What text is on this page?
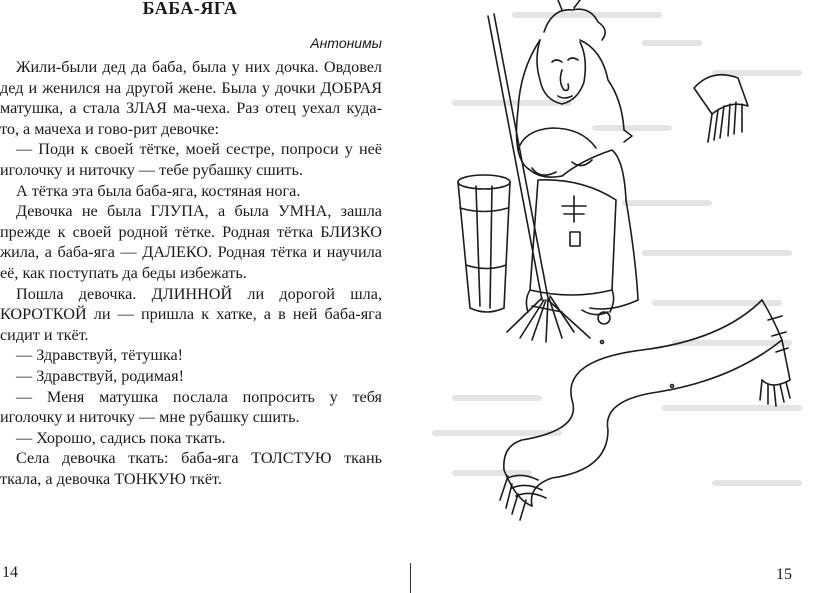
БАБА-ЯГА
Антонимы

Жили-были дед да баба, была у них дочка. Овдовел дед и женился на другой жене. Была у дочки ДОБРАЯ матушка, а стала ЗЛАЯ ма-чеха. Раз отец уехал куда-то, а мачеха и гово-рит девочке:

— Поди к своей тётке, моей сестре, попроси у неё иголочку и ниточку — тебе рубашку сшить.

А тётка эта была баба-яга, костяная нога.

Девочка не была ГЛУПА, а была УМНА, зашла прежде к своей родной тётке. Родная тётка БЛИЗКО жила, а баба-яга — ДАЛЕКО. Родная тётка и научила её, как поступать да беды избежать.

Пошла девочка. ДЛИННОЙ ли дорогой шла, КОРОТКОЙ ли — пришла к хатке, а в ней баба-яга сидит и ткёт.

— Здравствуй, тётушка!

— Здравствуй, родимая!

— Меня матушка послала попросить у тебя иголочку и ниточку — мне рубашку сшить.

— Хорошо, садись пока ткать.

Села девочка ткать: баба-яга ТОЛСТУЮ ткань ткала, а девочка ТОНКУЮ ткёт.

14	15
